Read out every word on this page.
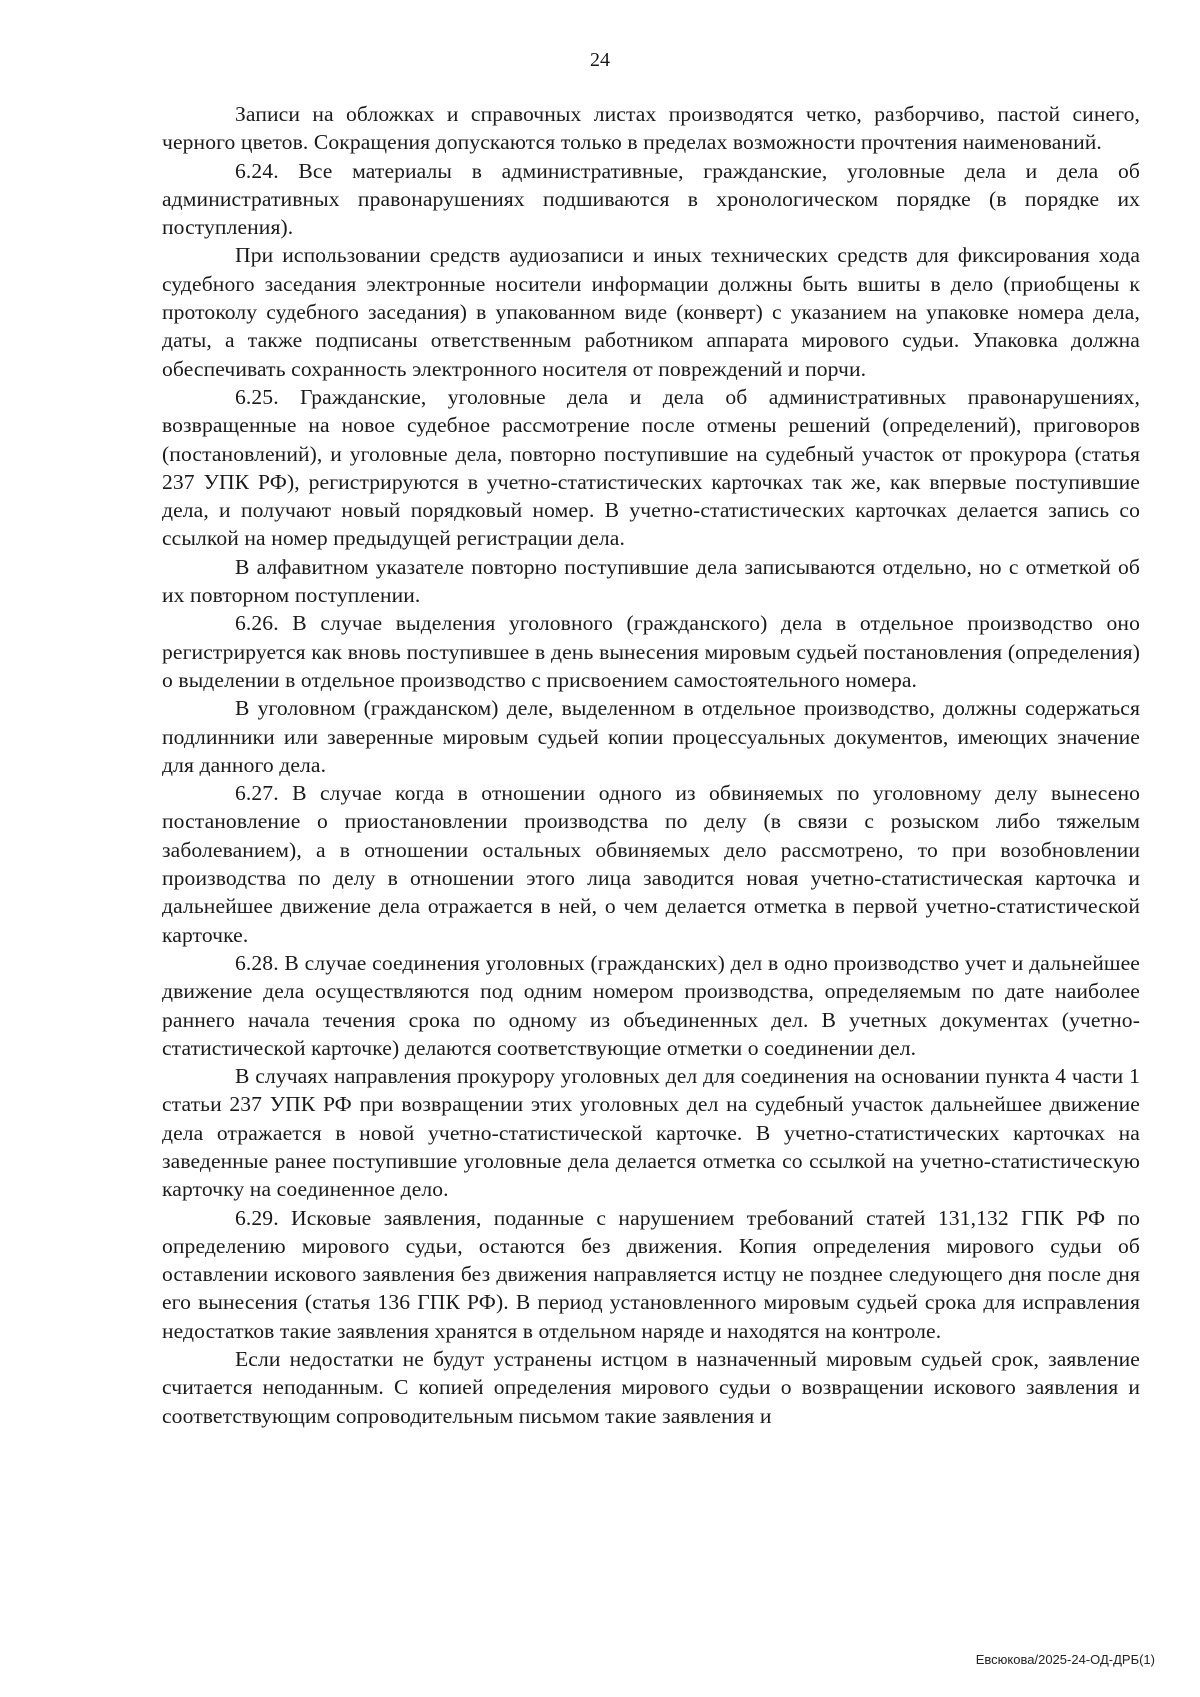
24

Записи на обложках и справочных листах производятся четко, разборчиво, пастой синего, черного цветов. Сокращения допускаются только в пределах возможности прочтения наименований.

6.24. Все материалы в административные, гражданские, уголовные дела и дела об административных правонарушениях подшиваются в хронологическом порядке (в порядке их поступления).

При использовании средств аудиозаписи и иных технических средств для фиксирования хода судебного заседания электронные носители информации должны быть вшиты в дело (приобщены к протоколу судебного заседания) в упакованном виде (конверт) с указанием на упаковке номера дела, даты, а также подписаны ответственным работником аппарата мирового судьи. Упаковка должна обеспечивать сохранность электронного носителя от повреждений и порчи.

6.25. Гражданские, уголовные дела и дела об административных правонарушениях, возвращенные на новое судебное рассмотрение после отмены решений (определений), приговоров (постановлений), и уголовные дела, повторно поступившие на судебный участок от прокурора (статья 237 УПК РФ), регистрируются в учетно-статистических карточках так же, как впервые поступившие дела, и получают новый порядковый номер. В учетно-статистических карточках делается запись со ссылкой на номер предыдущей регистрации дела.

В алфавитном указателе повторно поступившие дела записываются отдельно, но с отметкой об их повторном поступлении.

6.26. В случае выделения уголовного (гражданского) дела в отдельное производство оно регистрируется как вновь поступившее в день вынесения мировым судьей постановления (определения) о выделении в отдельное производство с присвоением самостоятельного номера.

В уголовном (гражданском) деле, выделенном в отдельное производство, должны содержаться подлинники или заверенные мировым судьей копии процессуальных документов, имеющих значение для данного дела.

6.27. В случае когда в отношении одного из обвиняемых по уголовному делу вынесено постановление о приостановлении производства по делу (в связи с розыском либо тяжелым заболеванием), а в отношении остальных обвиняемых дело рассмотрено, то при возобновлении производства по делу в отношении этого лица заводится новая учетно-статистическая карточка и дальнейшее движение дела отражается в ней, о чем делается отметка в первой учетно-статистической карточке.

6.28. В случае соединения уголовных (гражданских) дел в одно производство учет и дальнейшее движение дела осуществляются под одним номером производства, определяемым по дате наиболее раннего начала течения срока по одному из объединенных дел. В учетных документах (учетно-статистической карточке) делаются соответствующие отметки о соединении дел.

В случаях направления прокурору уголовных дел для соединения на основании пункта 4 части 1 статьи 237 УПК РФ при возвращении этих уголовных дел на судебный участок дальнейшее движение дела отражается в новой учетно-статистической карточке. В учетно-статистических карточках на заведенные ранее поступившие уголовные дела делается отметка со ссылкой на учетно-статистическую карточку на соединенное дело.

6.29. Исковые заявления, поданные с нарушением требований статей 131,132 ГПК РФ по определению мирового судьи, остаются без движения. Копия определения мирового судьи об оставлении искового заявления без движения направляется истцу не позднее следующего дня после дня его вынесения (статья 136 ГПК РФ). В период установленного мировым судьей срока для исправления недостатков такие заявления хранятся в отдельном наряде и находятся на контроле.

Если недостатки не будут устранены истцом в назначенный мировым судьей срок, заявление считается неподанным. С копией определения мирового судьи о возвращении искового заявления и соответствующим сопроводительным письмом такие заявления и

Евсюкова/2025-24-ОД-ДРБ(1)
